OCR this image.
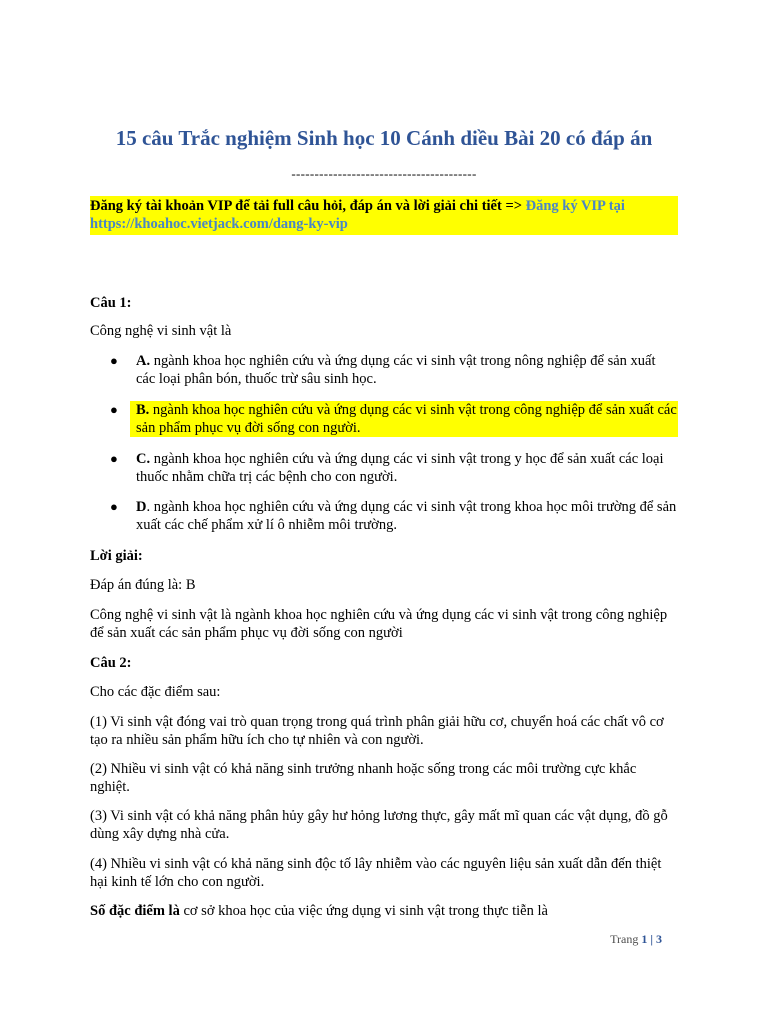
15 câu Trắc nghiệm Sinh học 10 Cánh diều Bài 20 có đáp án
----------------------------------------
Đăng ký tài khoản VIP để tải full câu hỏi, đáp án và lời giải chi tiết => Đăng ký VIP tại https://khoahoc.vietjack.com/dang-ky-vip

Câu 1:

Công nghệ vi sinh vật là

● A. ngành khoa học nghiên cứu và ứng dụng các vi sinh vật trong nông nghiệp để sản xuất các loại phân bón, thuốc trừ sâu sinh học.
●	B. ngành khoa học nghiên cứu và ứng dụng các vi sinh vật trong công nghiệp để sản xuất các sản phẩm phục vụ đời sống con người.
● C. ngành khoa học nghiên cứu và ứng dụng các vi sinh vật trong y học để sản xuất các loại thuốc nhằm chữa trị các bệnh cho con người.
● D. ngành khoa học nghiên cứu và ứng dụng các vi sinh vật trong khoa học môi trường để sản xuất các chế phẩm xử lí ô nhiễm môi trường.

Lời giải:

Đáp án đúng là: B

Công nghệ vi sinh vật là ngành khoa học nghiên cứu và ứng dụng các vi sinh vật trong công nghiệp để sản xuất các sản phẩm phục vụ đời sống con người

Câu 2:

Cho các đặc điểm sau:

(1) Vi sinh vật đóng vai trò quan trọng trong quá trình phân giải hữu cơ, chuyển hoá các chất vô cơ tạo ra nhiều sản phẩm hữu ích cho tự nhiên và con người.

(2) Nhiều vi sinh vật có khả năng sinh trưởng nhanh hoặc sống trong các môi trường cực khắc nghiệt.

(3) Vi sinh vật có khả năng phân hủy gây hư hỏng lương thực, gây mất mĩ quan các vật dụng, đồ gỗ dùng xây dựng nhà cửa.

(4) Nhiều vi sinh vật có khả năng sinh độc tố lây nhiễm vào các nguyên liệu sản xuất dẫn đến thiệt hại kinh tế lớn cho con người.

Số đặc điểm là cơ sở khoa học của việc ứng dụng vi sinh vật trong thực tiễn là

Trang 1 | 3
